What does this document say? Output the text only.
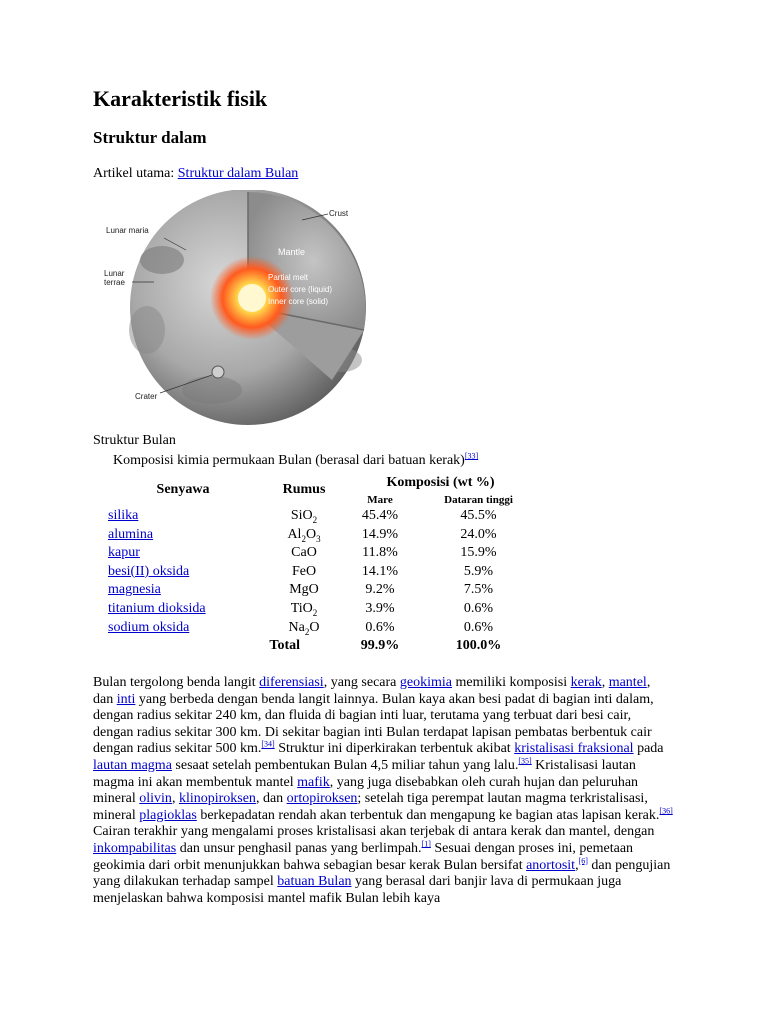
Karakteristik fisik
Struktur dalam
Artikel utama: Struktur dalam Bulan
Crust
Lunar maria
Lunar
terrae
Mantle
Partial melt
Outer core (liquid)
Inner core (solid)
Crater
Struktur Bulan
Komposisi kimia permukaan Bulan (berasal dari batuan kerak)[33]
Senyawa	Rumus	Komposisi (wt %)	
		Mare	Dataran tinggi
silika	SiO$_2$	45.4%	45.5%
alumina	$Al_2O_3$	14.9%	24.0%
kapur	CaO	11.8%	15.9%
besi(II) oksida	FeO	14.1%	5.9%
magnesia	MgO	9.2%	7.5%
titanium dioksida	TiO$_2$	3.9%	0.6%
sodium oksida	$Na_2O$	0.6%	0.6%
Total		99.9%	100.0%

Bulan tergolong benda langit diferensiasi, yang secara geokimia memiliki komposisi kerak, mantel, dan inti yang berbeda dengan benda langit lainnya. Bulan kaya akan besi padat di bagian inti dalam, dengan radius sekitar 240 km, dan fluida di bagian inti luar, terutama yang terbuat dari besi cair, dengan radius sekitar 300 km. Di sekitar bagian inti Bulan terdapat lapisan pembatas berbentuk cair dengan radius sekitar 500 km.[34] Struktur ini diperkirakan terbentuk akibat kristalisasi fraksional pada lautan magma sesaat setelah pembentukan Bulan 4,5 miliar tahun yang lalu.[35] Kristalisasi lautan magma ini akan membentuk mantel mafik, yang juga disebabkan oleh curah hujan dan peluruhan mineral olivin, klinopiroksen, dan ortopiroksen; setelah tiga perempat lautan magma terkristalisasi, mineral plagioklas berkepadatan rendah akan terbentuk dan mengapung ke bagian atas lapisan kerak.[36] Cairan terakhir yang mengalami proses kristalisasi akan terjebak di antara kerak dan mantel, dengan inkompabilitas dan unsur penghasil panas yang berlimpah.[1] Sesuai dengan proses ini, pemetaan geokimia dari orbit menunjukkan bahwa sebagian besar kerak Bulan bersifat anortosit,[6] dan pengujian yang dilakukan terhadap sampel batuan Bulan yang berasal dari banjir lava di permukaan juga menjelaskan bahwa komposisi mantel mafik Bulan lebih kaya
